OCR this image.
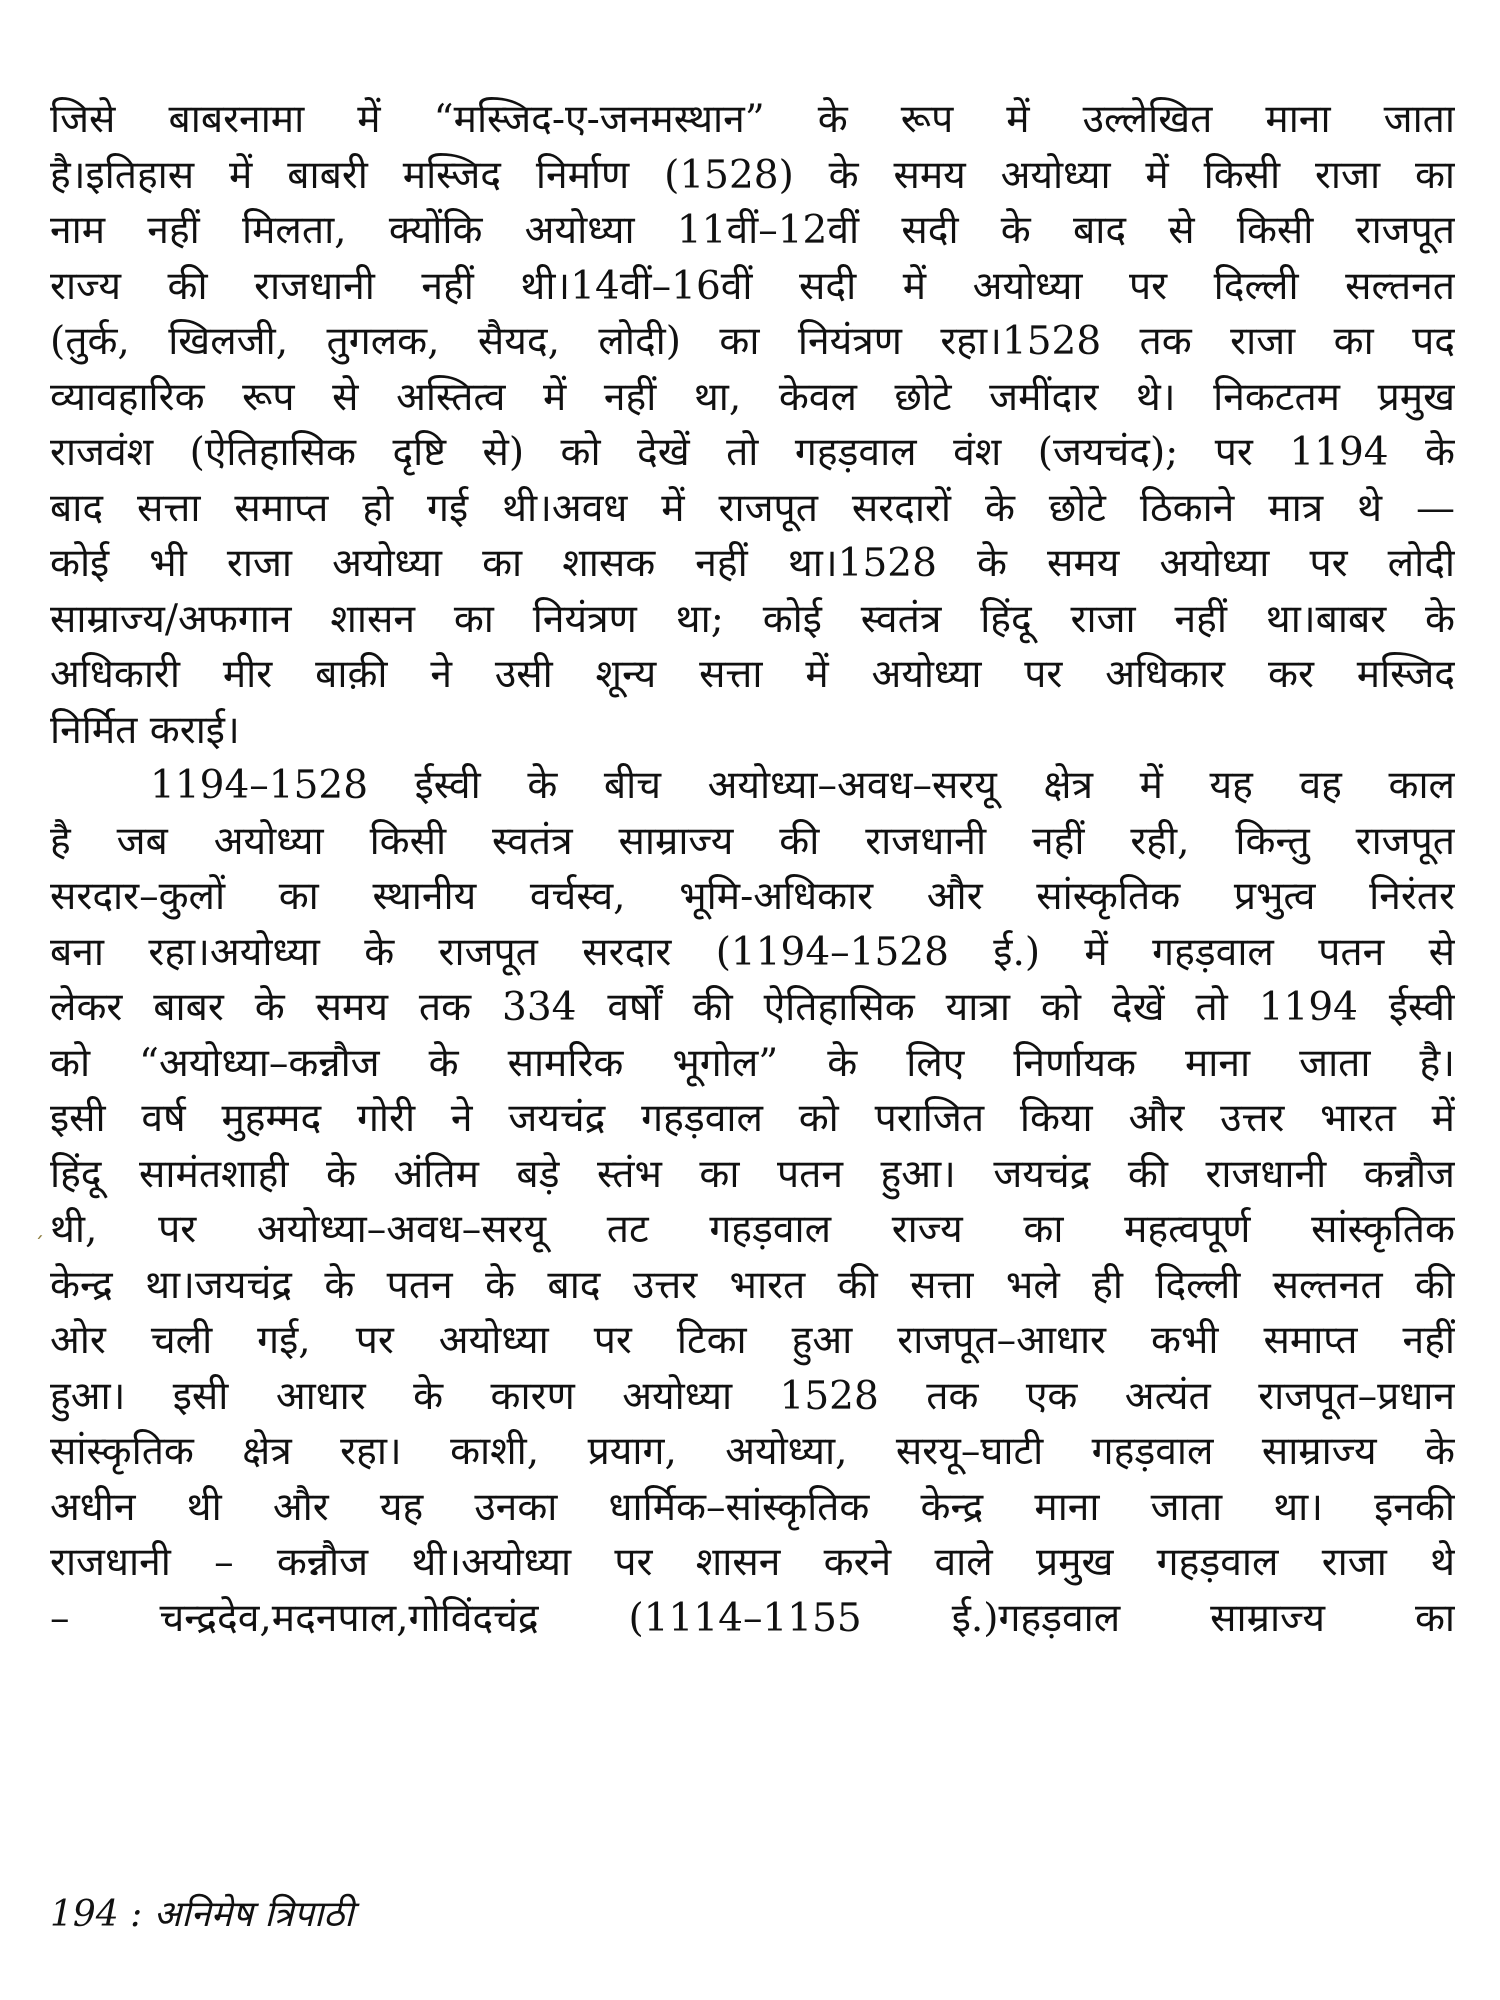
जिसे बाबरनामा में “मस्जिद-ए-जनमस्थान” के रूप में उल्लेखित माना जाता
है।इतिहास में बाबरी मस्जिद निर्माण (1528) के समय अयोध्या में किसी राजा का
नाम नहीं मिलता, क्योंकि अयोध्या 11वीं–12वीं सदी के बाद से किसी राजपूत
राज्य की राजधानी नहीं थी।14वीं–16वीं सदी में अयोध्या पर दिल्ली सल्तनत
(तुर्क, खिलजी, तुगलक, सैयद, लोदी) का नियंत्रण रहा।1528 तक राजा का पद
व्यावहारिक रूप से अस्तित्व में नहीं था, केवल छोटे जमींदार थे। निकटतम प्रमुख
राजवंश (ऐतिहासिक दृष्टि से) को देखें तो गहड़वाल वंश (जयचंद); पर 1194 के
बाद सत्ता समाप्त हो गई थी।अवध में राजपूत सरदारों के छोटे ठिकाने मात्र थे —
कोई भी राजा अयोध्या का शासक नहीं था।1528 के समय अयोध्या पर लोदी
साम्राज्य/अफगान शासन का नियंत्रण था; कोई स्वतंत्र हिंदू राजा नहीं था।बाबर के
अधिकारी मीर बाक़ी ने उसी शून्य सत्ता में अयोध्या पर अधिकार कर मस्जिद
निर्मित कराई।

1194–1528 ईस्वी के बीच अयोध्या–अवध–सरयू क्षेत्र में यह वह काल
है जब अयोध्या किसी स्वतंत्र साम्राज्य की राजधानी नहीं रही, किन्तु राजपूत
सरदार–कुलों का स्थानीय वर्चस्व, भूमि-अधिकार और सांस्कृतिक प्रभुत्व निरंतर
बना रहा।अयोध्या के राजपूत सरदार (1194–1528 ई.) में गहड़वाल पतन से
लेकर बाबर के समय तक 334 वर्षों की ऐतिहासिक यात्रा को देखें तो 1194 ईस्वी
को “अयोध्या–कन्नौज के सामरिक भूगोल” के लिए निर्णायक माना जाता है।
इसी वर्ष मुहम्मद गोरी ने जयचंद्र गहड़वाल को पराजित किया और उत्तर भारत में
हिंदू सामंतशाही के अंतिम बड़े स्तंभ का पतन हुआ। जयचंद्र की राजधानी कन्नौज
थी, पर अयोध्या–अवध–सरयू तट गहड़वाल राज्य का महत्वपूर्ण सांस्कृतिक
केन्द्र था।जयचंद्र के पतन के बाद उत्तर भारत की सत्ता भले ही दिल्ली सल्तनत की
ओर चली गई, पर अयोध्या पर टिका हुआ राजपूत–आधार कभी समाप्त नहीं
हुआ। इसी आधार के कारण अयोध्या 1528 तक एक अत्यंत राजपूत–प्रधान
सांस्कृतिक क्षेत्र रहा। काशी, प्रयाग, अयोध्या, सरयू–घाटी गहड़वाल साम्राज्य के
अधीन थी और यह उनका धार्मिक–सांस्कृतिक केन्द्र माना जाता था। इनकी
राजधानी – कन्नौज थी।अयोध्या पर शासन करने वाले प्रमुख गहड़वाल राजा थे
– चन्द्रदेव,मदनपाल,गोविंदचंद्र (1114–1155 ई.)गहड़वाल साम्राज्य का

ˏ
194 : अनिमेष त्रिपाठी
